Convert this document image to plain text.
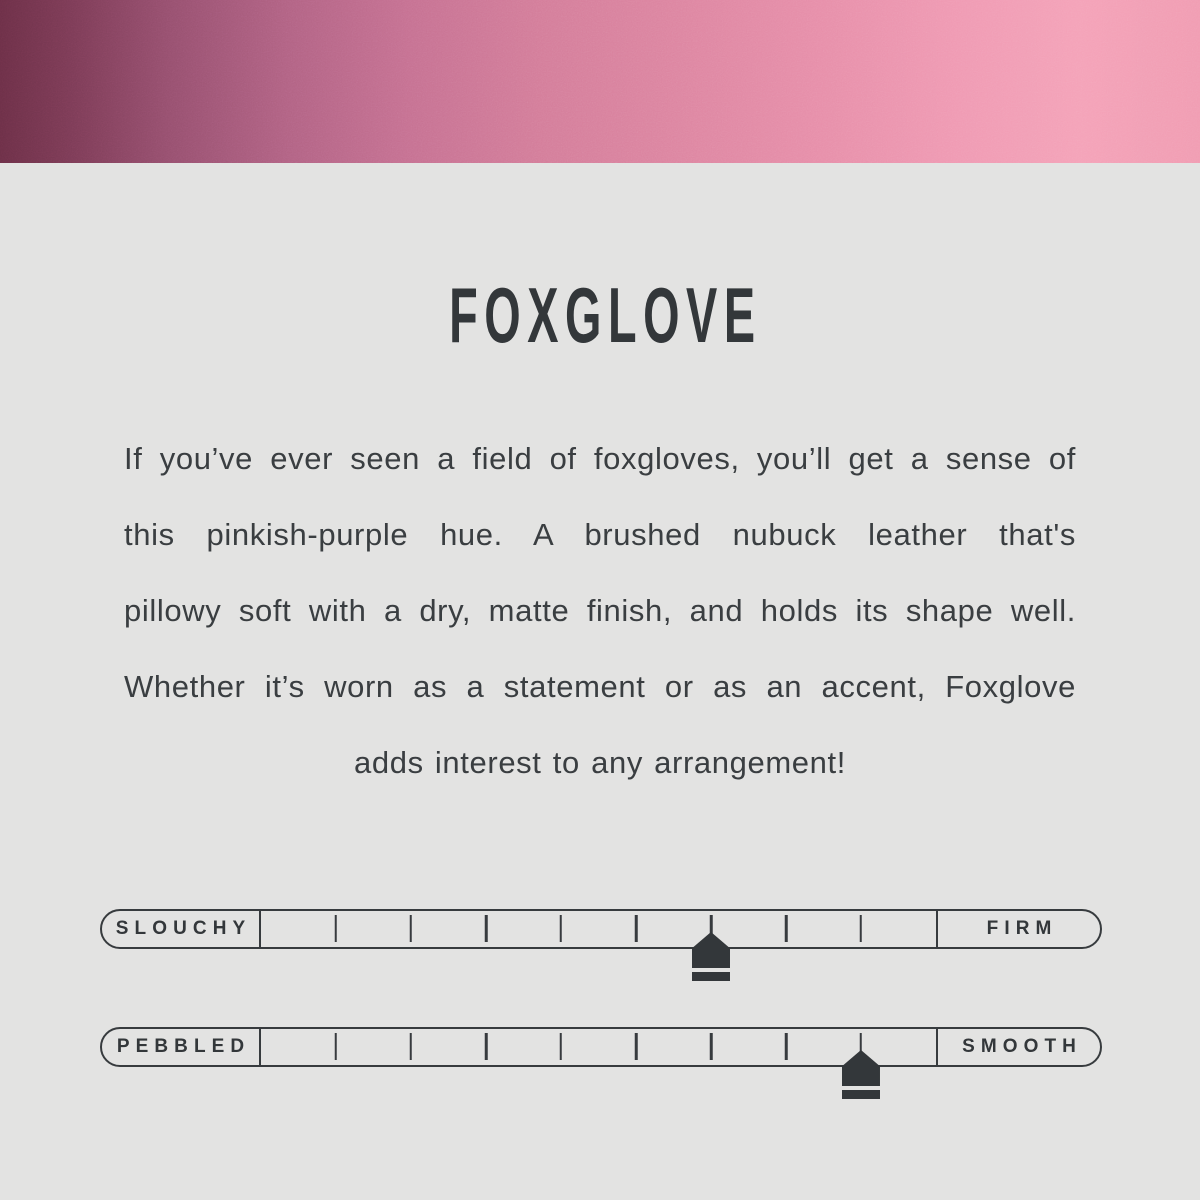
FOXGLOVE
If you’ve ever seen a field of foxgloves, you’ll get a sense of
this pinkish-purple hue. A brushed nubuck leather that's
pillowy soft with a dry, matte finish, and holds its shape well.
Whether it’s worn as a statement or as an accent, Foxglove
adds interest to any arrangement!
SLOUCHY	FIRM
PEBBLED	SMOOTH
